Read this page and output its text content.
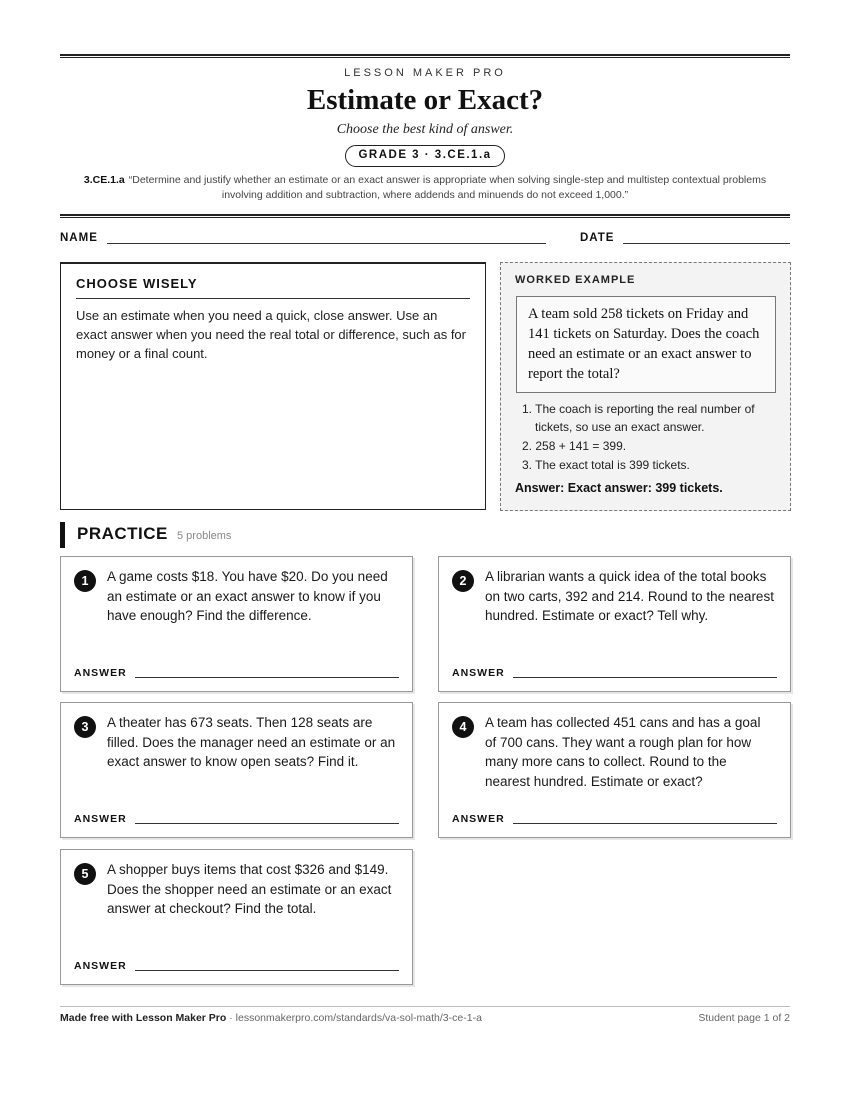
LESSON MAKER PRO
Estimate or Exact?
Choose the best kind of answer.
GRADE 3 · 3.CE.1.a
3.CE.1.a “Determine and justify whether an estimate or an exact answer is appropriate when solving single-step and multistep contextual problems involving addition and subtraction, where addends and minuends do not exceed 1,000.”
NAME	DATE
CHOOSE WISELY

Use an estimate when you need a quick, close answer. Use an exact answer when you need the real total or difference, such as for money or a final count.

WORKED EXAMPLE
A team sold 258 tickets on Friday and 141 tickets on Saturday. Does the coach need an estimate or an exact answer to report the total?
1. The coach is reporting the real number of tickets, so use an exact answer.
2. 258 + 141 = 399.
3. The exact total is 399 tickets.
Answer: Exact answer: 399 tickets.
PRACTICE 5 problems
1	A game costs $18. You have $20. Do you need an estimate or an exact answer to know if you have enough? Find the difference.
ANSWER
2	A librarian wants a quick idea of the total books on two carts, 392 and 214. Round to the nearest hundred. Estimate or exact? Tell why.
ANSWER
3	A theater has 673 seats. Then 128 seats are filled. Does the manager need an estimate or an exact answer to know open seats? Find it.
ANSWER
4	A team has collected 451 cans and has a goal of 700 cans. They want a rough plan for how many more cans to collect. Round to the nearest hundred. Estimate or exact?
ANSWER
5	A shopper buys items that cost $326 and $149. Does the shopper need an estimate or an exact answer at checkout? Find the total.
ANSWER
Made free with Lesson Maker Pro · lessonmakerpro.com/standards/va-sol-math/3-ce-1-a	Student page 1 of 2
